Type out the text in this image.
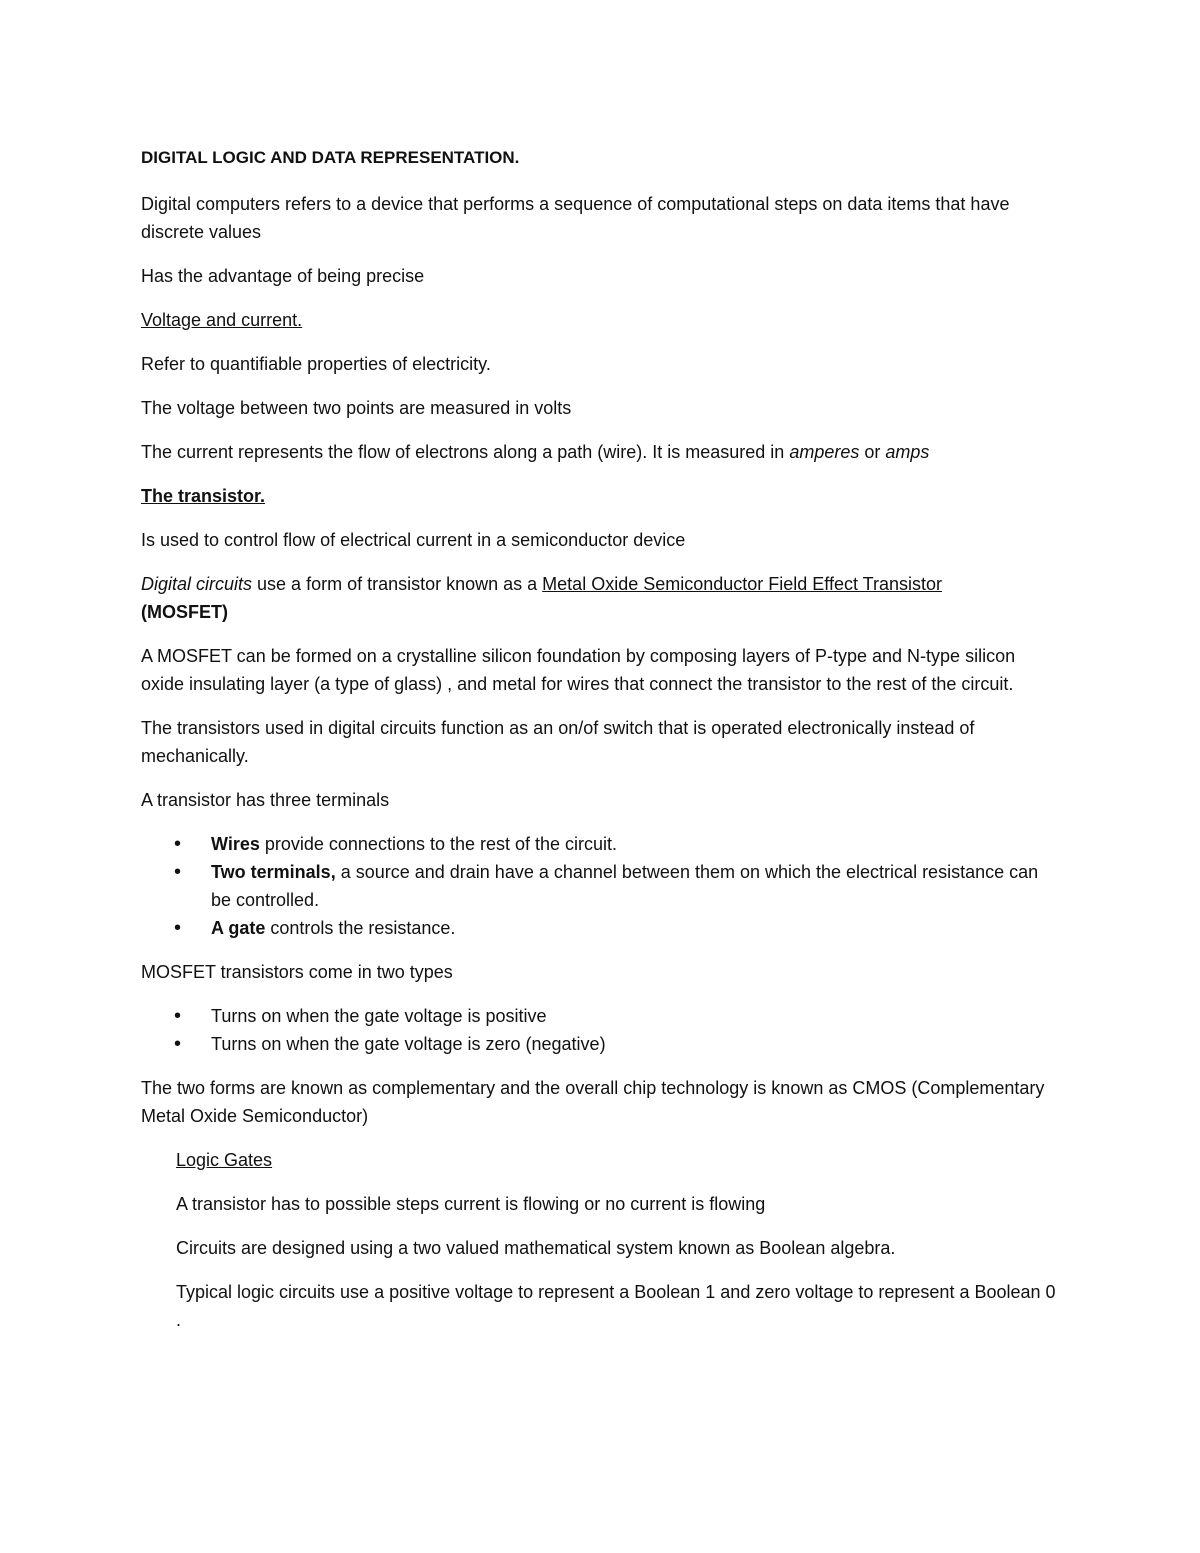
DIGITAL LOGIC AND DATA REPRESENTATION.

Digital computers refers to a device that performs a sequence of computational steps on data items that have discrete values

Has the advantage of being precise

Voltage and current.

Refer to quantifiable properties of electricity.

The voltage between two points are measured in volts

The current represents the flow of electrons along a path (wire). It is measured in amperes or amps

The transistor.

Is used to control flow of electrical current in a semiconductor device

Digital circuits use a form of transistor known as a Metal Oxide Semiconductor Field Effect Transistor
(MOSFET)

A MOSFET can be formed on a crystalline silicon foundation by composing layers of P-type and N-type silicon oxide insulating layer (a type of glass) , and metal for wires that connect the transistor to the rest of the circuit.

The transistors used in digital circuits function as an on/of switch that is operated electronically instead of mechanically.

A transistor has three terminals

• Wires provide connections to the rest of the circuit.
• Two terminals, a source and drain have a channel between them on which the electrical resistance can be controlled.
• A gate controls the resistance.

MOSFET transistors come in two types

• Turns on when the gate voltage is positive
• Turns on when the gate voltage is zero (negative)

The two forms are known as complementary and the overall chip technology is known as CMOS (Complementary Metal Oxide Semiconductor)

Logic Gates

A transistor has to possible steps current is flowing or no current is flowing

Circuits are designed using a two valued mathematical system known as Boolean algebra.

Typical logic circuits use a positive voltage to represent a Boolean 1 and zero voltage to represent a Boolean 0 .
